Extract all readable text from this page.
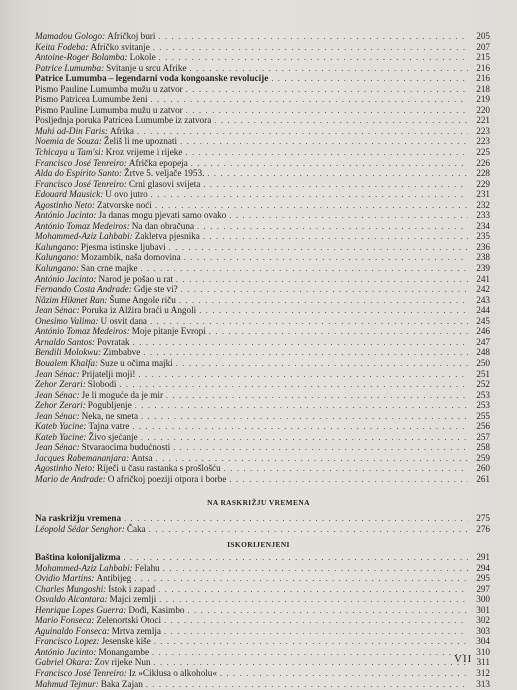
Mamadou Gologo: Afričkoj buri . . .	205
Keita Fodeba: Afričko svitanje . . .	207
Antoine-Roger Bolamba: Lokole . . .	215
Patrice Lumumba: Svitanje u srcu Afrike . . .	216
Patrice Lumumba – legendarni voda kongoanske revolucije . . .	216
Pismo Pauline Lumumba mužu u zatvor . . .	218
Pismo Patricea Lumumbe ženi . . .	219
Pismo Pauline Lumumba mužu u zatvor . . .	220
Posljednja poruka Patricea Lumumbe iz zatvora . . .	221
Muhi ad-Din Faris: Afrika . . .	223
Noemia de Souza: Želiš li me upoznati . . .	223
Tchicaya u Tam'si: Kroz vrijeme i rijeke . . .	225
Francisco José Tenreiro: Afrička epopeja . . .	226
Alda do Espírito Santo: Žrtve 5. veljače 1953. . . .	228
Francisco José Tenreiro: Crni glasovi svijeta . . .	229
Edouard Mausick: U ovo jutro . . .	231
Agostinho Neto: Zatvorske noći . . .	232
António Jacinto: Ja danas mogu pjevati samo ovako . . .	233
António Tomaz Medeiros: Na dan obračuna . . .	234
Mohammed-Aziz Lahbabi: Zakletva pjesnika . . .	235
Kalungano: Pjesma istinske ljubavi . . .	236
Kalungano: Mozambik, naša domovina . . .	238
Kalungano: San crne majke . . .	239
António Jacinto: Narod je pošao u rat . . .	241
Fernando Costa Andrade: Gdje ste vi? . . .	242
Nâzim Hikmet Ran: Šume Angole riču . . .	243
Jean Sénac: Poruka iz Alžira braći u Angoli . . .	244
Onesimo Valima: U osvit dana . . .	245
António Tomaz Medeiros: Moje pitanje Evropi . . .	246
Arnaldo Santos: Povratak . . .	247
Bendili Molokwu: Zimbabve . . .	248
Boualem Khalfa: Suze u očima majki . . .	250
Jean Sénac: Prijatelji moji! . . .	251
Zehor Zerari: Slobodi . . .	252
Jean Sénac: Je li moguće da je mir . . .	253
Zehor Zerari: Pogubljenje . . .	253
Jean Sénac: Neka, ne smeta . . .	255
Kateb Yacine: Tajna vatre . . .	256
Kateb Yacine: Živo sjećanje . . .	257
Jean Sénac: Stvaraocima budućnosti . . .	258
Jacques Rabemananjara: Antsa . . .	259
Agostinho Neto: Riječi u času rastanka s prošlošću . . .	260
Mario de Andrade: O afričkoj poeziji otpora i borbe . . .	261
NA RASKRIŽJU VREMENA
Na raskrižju vremena . . .	275
Léopold Sédar Senghor: Čaka . . .	276
ISKORIJENJENI
Baština kolonijalizma . . .	291
Mohammed-Aziz Lahbabi: Felahu . . .	294
Ovidio Martins: Antibijeg . . .	295
Charles Mungoshi: Istok i zapad . . .	297
Osvaldo Alcantara: Majci zemlji . . .	300
Henrique Lopes Guerra: Dođi, Kasimbo . . .	301
Mario Fonseca: Zelenortski Otoci . . .	302
Aguinaldo Fonseca: Mrtva zemlja . . .	303
Francisco Lopez: Jesenske kiše . . .	304
António Jacinto: Monangambe . . .	310
Gabriel Okara: Zov rijeke Nun . . .	311
Francisco José Tenreiro: Iz »Ciklusa o alkoholu« . . .	312
Mahmud Tejmur: Baka Zajan . . .	313
VII
